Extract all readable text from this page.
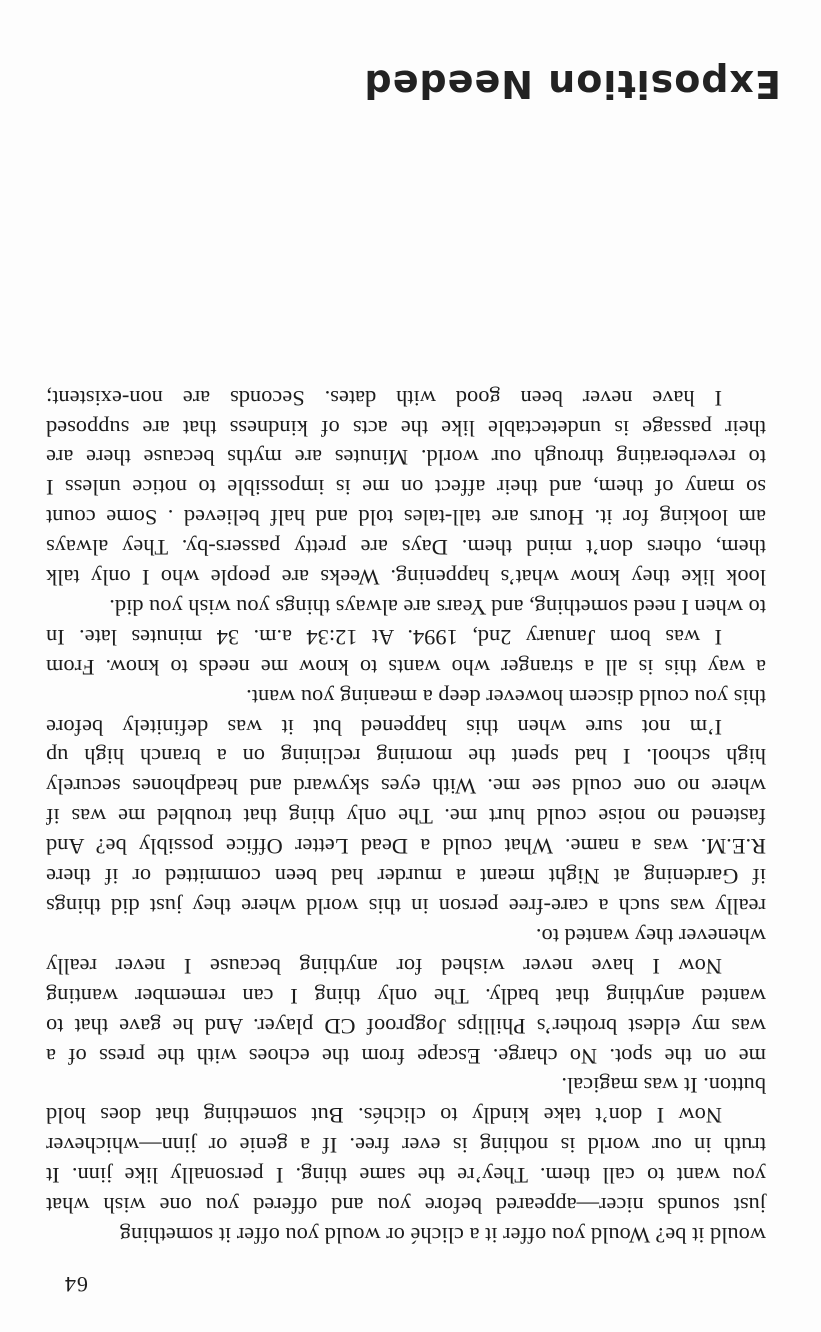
64
would it be? Would you offer it a cliché or would you offer it something
just sounds nicer—appeared before you and offered you one wish what
you want to call them. They’re the same thing. I personally like jinn. It
truth in our world is nothing is ever free. If a genie or jinn—whichever
Now I don’t take kindly to clichés. But something that does hold
button. It was magical.
me on the spot. No charge. Escape from the echoes with the press of a
was my eldest brother’s Phillips Jogproof CD player. And he gave that to
wanted anything that badly. The only thing I can remember wanting
Now I have never wished for anything because I never really
whenever they wanted to.
really was such a care-free person in this world where they just did things
if Gardening at Night meant a murder had been committed or if there
R.E.M. was a name. What could a Dead Letter Office possibly be? And
fastened no noise could hurt me. The only thing that troubled me was if
where no one could see me. With eyes skyward and headphones securely
high school. I had spent the morning reclining on a branch high up
I’m not sure when this happened but it was definitely before
this you could discern however deep a meaning you want.
a way this is all a stranger who wants to know me needs to know. From
I was born January 2nd, 1994. At 12:34 a.m. 34 minutes late. In
to when I need something, and Years are always things you wish you did.
look like they know what’s happening. Weeks are people who I only talk
them, others don’t mind them. Days are pretty passers-by. They always
am looking for it. Hours are tall-tales told and half believed . Some count
so many of them, and their affect on me is impossible to notice unless I
to reverberating through our world. Minutes are myths because there are
their passage is undetectable like the acts of kindness that are supposed
I have never been good with dates. Seconds are non-existent;
Exposition Needed
